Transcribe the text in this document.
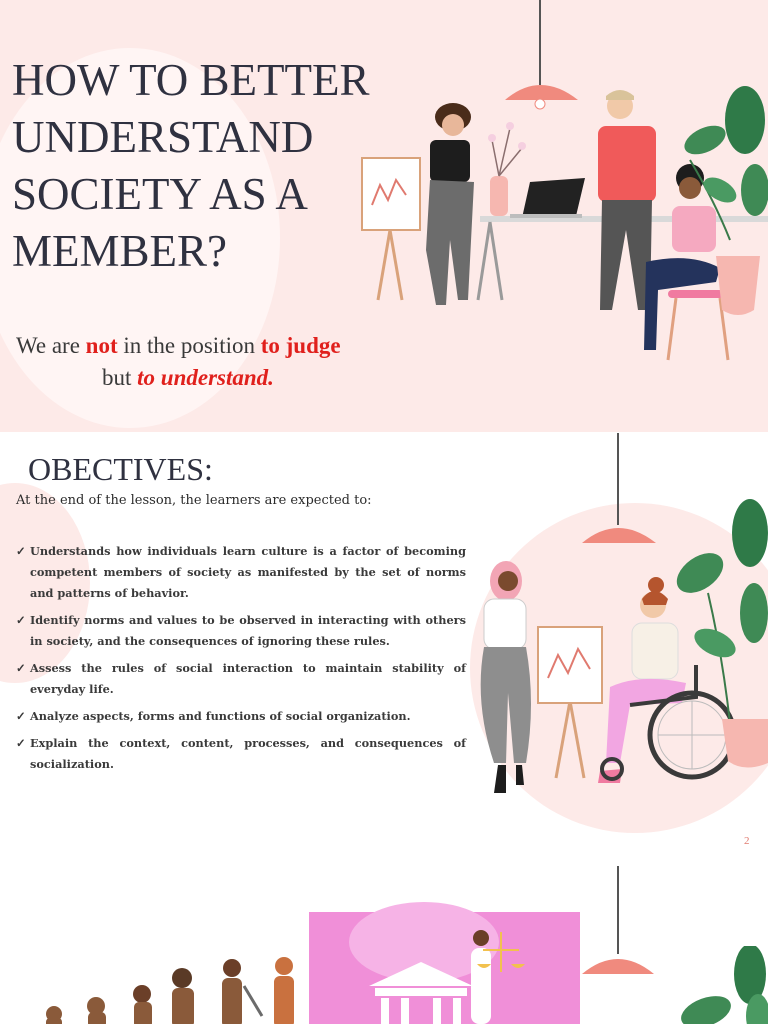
HOW TO BETTER UNDERSTAND SOCIETY AS A MEMBER?
We are not in the position to judge
but to understand.
OBECTIVES:
At the end of the lesson, the learners are expected to:
✓ Understands how individuals learn culture is a factor of becoming competent members of society as manifested by the set of norms and patterns of behavior.
✓ Identify norms and values to be observed in interacting with others in society, and the consequences of ignoring these rules.
✓ Assess the rules of social interaction to maintain stability of everyday life.
✓ Analyze aspects, forms and functions of social organization.
✓ Explain the context, content, processes, and consequences of socialization.
2
